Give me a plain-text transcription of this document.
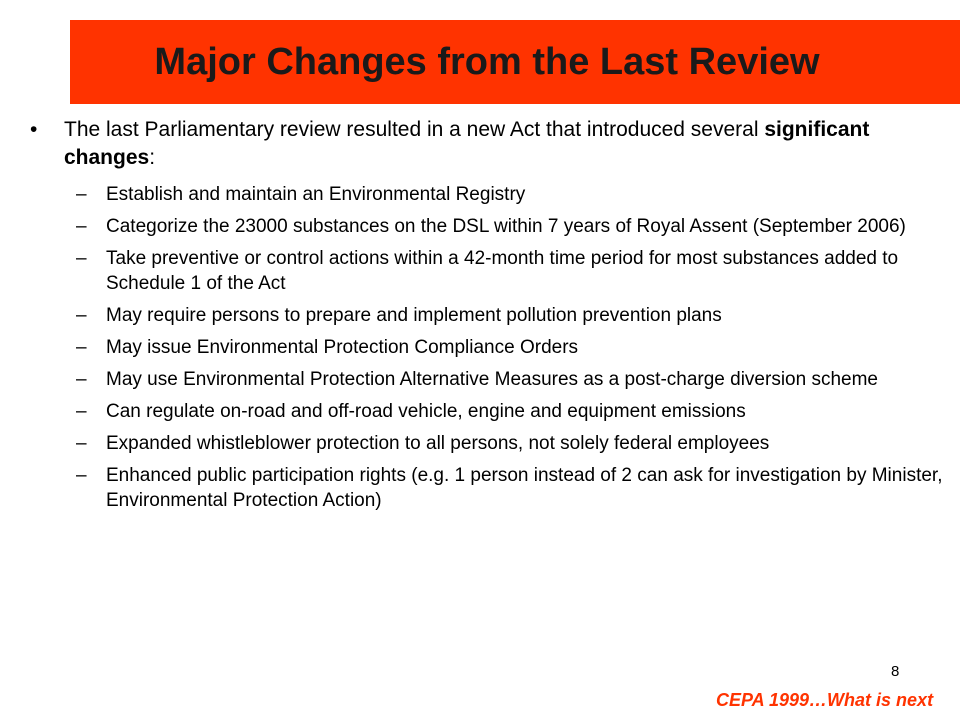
Major Changes from the Last Review
• The last Parliamentary review resulted in a new Act that introduced several significant changes:
– Establish and maintain an Environmental Registry
– Categorize the 23000 substances on the DSL within 7 years of Royal Assent (September 2006)
– Take preventive or control actions within a 42-month time period for most substances added to Schedule 1 of the Act
– May require persons to prepare and implement pollution prevention plans
– May issue Environmental Protection Compliance Orders
– May use Environmental Protection Alternative Measures as a post-charge diversion scheme
– Can regulate on-road and off-road vehicle, engine and equipment emissions
– Expanded whistleblower protection to all persons, not solely federal employees
– Enhanced public participation rights (e.g. 1 person instead of 2 can ask for investigation by Minister, Environmental Protection Action)
8
CEPA 1999…What is next
